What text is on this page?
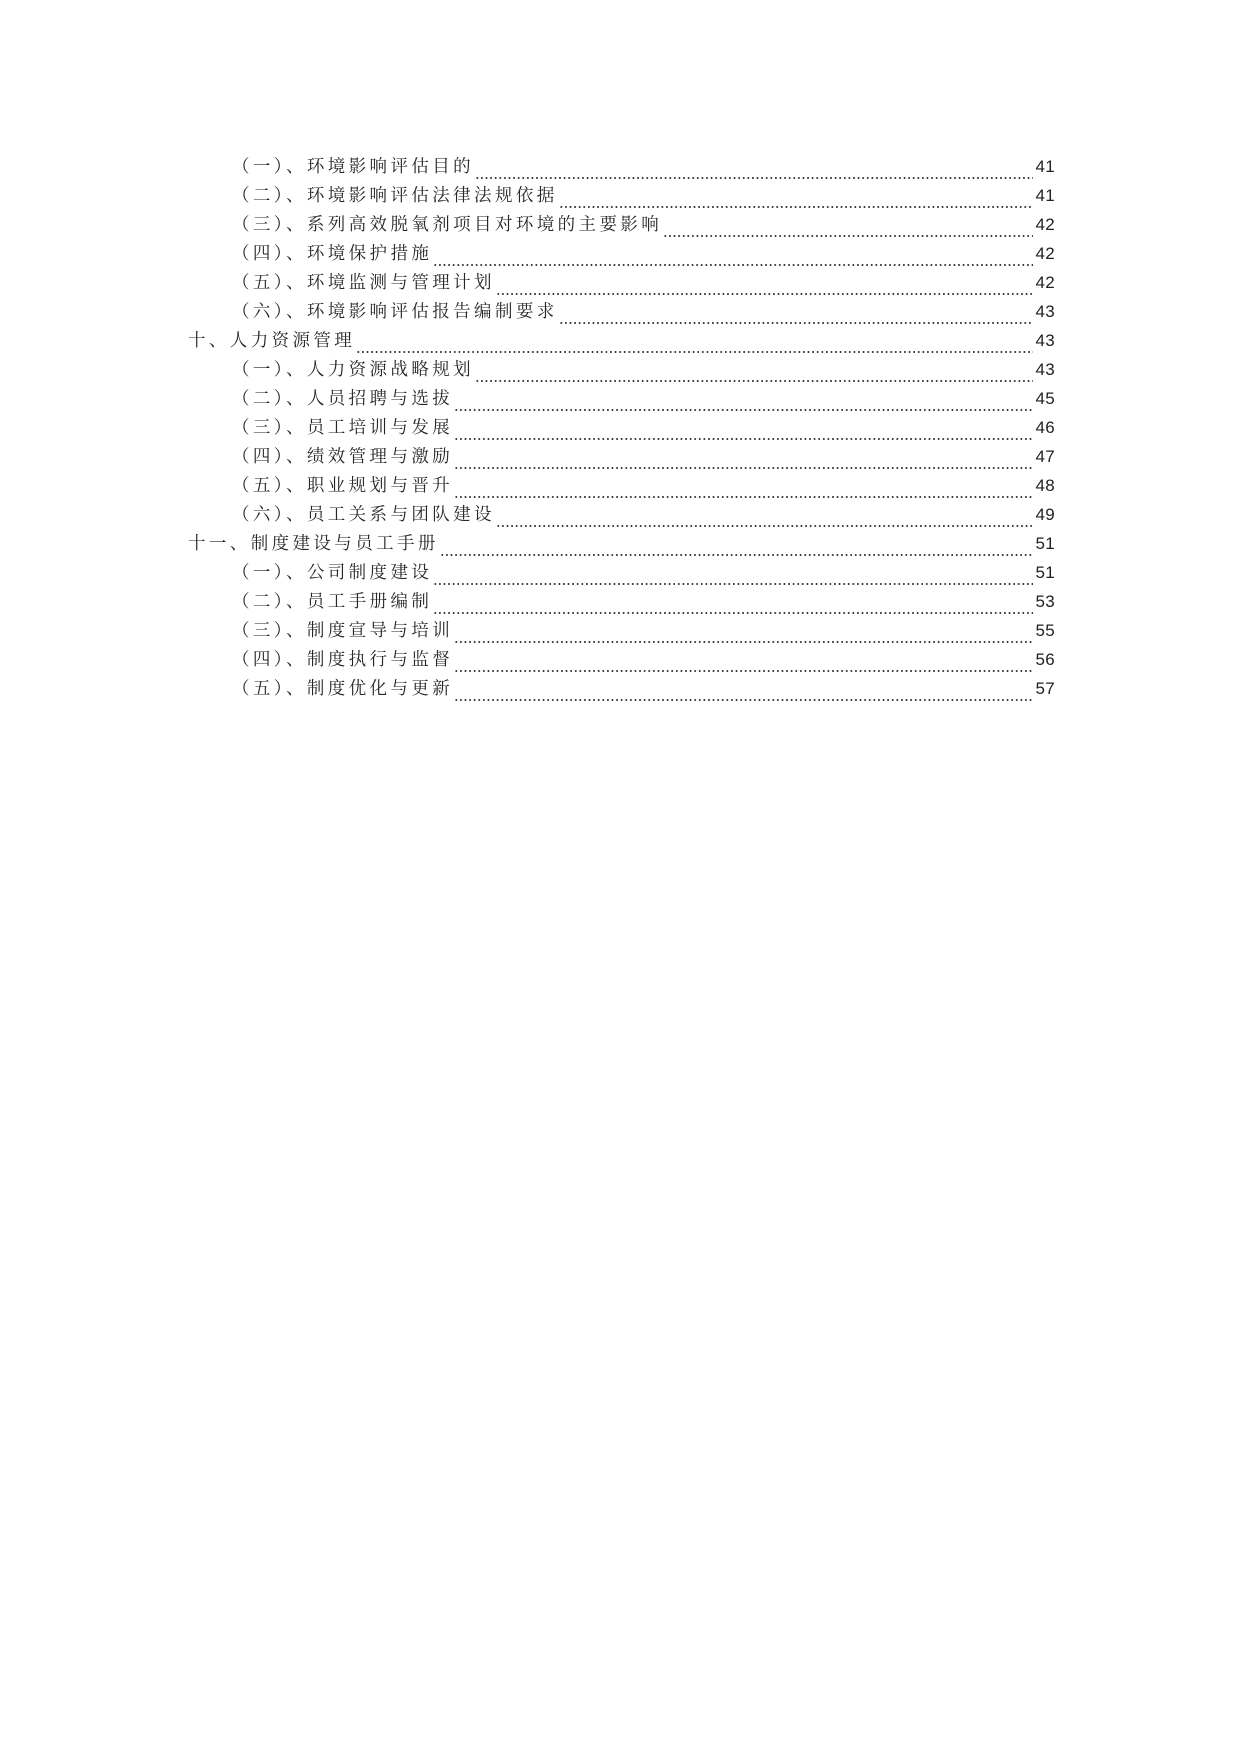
（一）、环境影响评估目的	41
（二）、环境影响评估法律法规依据	41
（三）、系列高效脱氧剂项目对环境的主要影响	42
（四）、环境保护措施	42
（五）、环境监测与管理计划	42
（六）、环境影响评估报告编制要求	43
十、人力资源管理	43
（一）、人力资源战略规划	43
（二）、人员招聘与选拔	45
（三）、员工培训与发展	46
（四）、绩效管理与激励	47
（五）、职业规划与晋升	48
（六）、员工关系与团队建设	49
十一、制度建设与员工手册	51
（一）、公司制度建设	51
（二）、员工手册编制	53
（三）、制度宣导与培训	55
（四）、制度执行与监督	56
（五）、制度优化与更新	57
